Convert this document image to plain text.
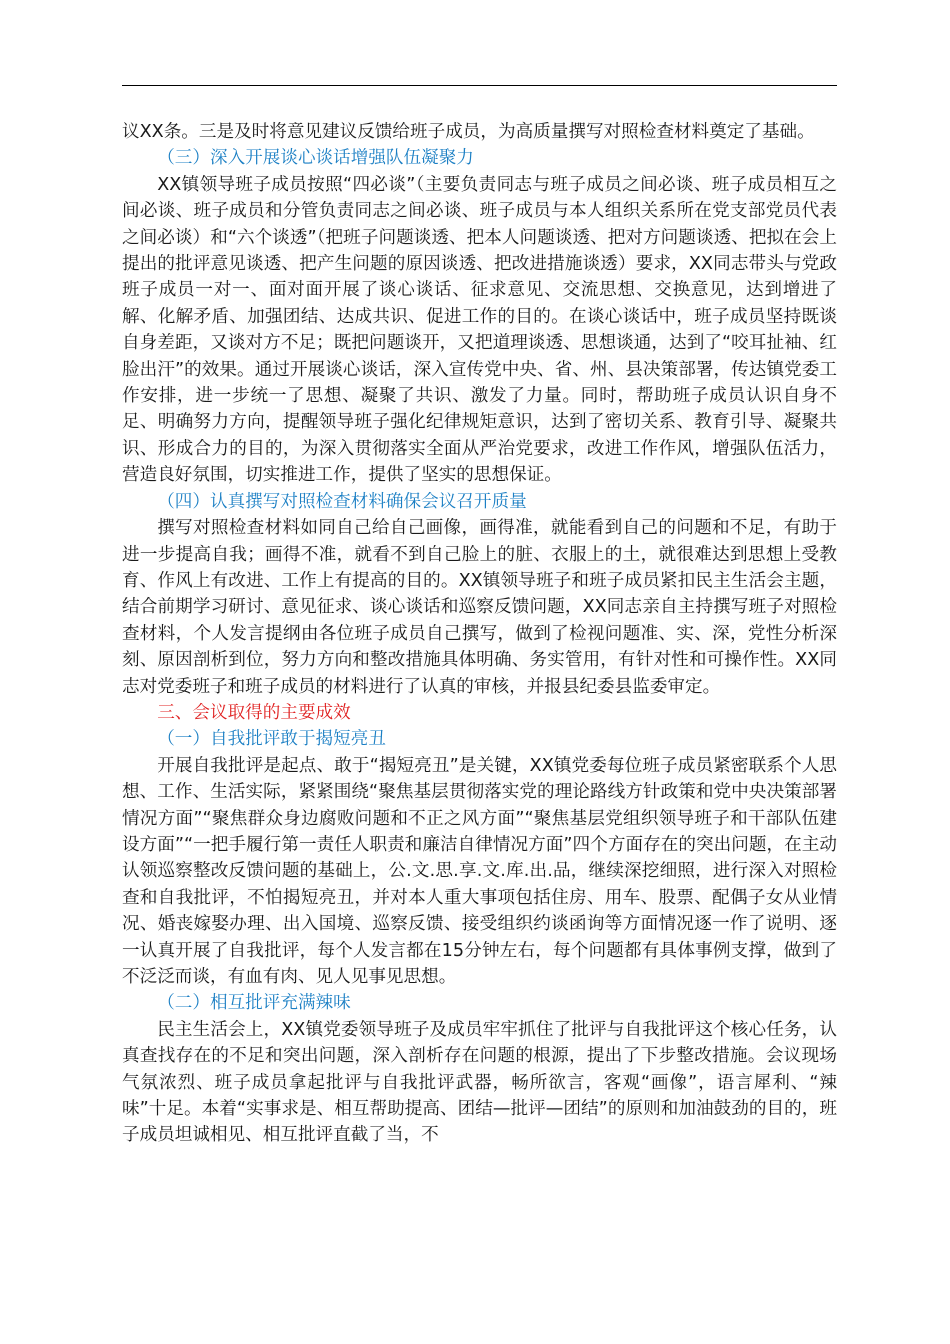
议XX条。三是及时将意见建议反馈给班子成员，为高质量撰写对照检查材料奠定了基础。

（三）深入开展谈心谈话增强队伍凝聚力

XX镇领导班子成员按照“四必谈”（主要负责同志与班子成员之间必谈、班子成员相互之间必谈、班子成员和分管负责同志之间必谈、班子成员与本人组织关系所在党支部党员代表之间必谈）和“六个谈透”（把班子问题谈透、把本人问题谈透、把对方问题谈透、把拟在会上提出的批评意见谈透、把产生问题的原因谈透、把改进措施谈透）要求，XX同志带头与党政班子成员一对一、面对面开展了谈心谈话、征求意见、交流思想、交换意见，达到增进了解、化解矛盾、加强团结、达成共识、促进工作的目的。在谈心谈话中，班子成员坚持既谈自身差距，又谈对方不足；既把问题谈开，又把道理谈透、思想谈通，达到了“咬耳扯袖、红脸出汗”的效果。通过开展谈心谈话，深入宣传党中央、省、州、县决策部署，传达镇党委工作安排，进一步统一了思想、凝聚了共识、激发了力量。同时，帮助班子成员认识自身不足、明确努力方向，提醒领导班子强化纪律规矩意识，达到了密切关系、教育引导、凝聚共识、形成合力的目的，为深入贯彻落实全面从严治党要求，改进工作作风，增强队伍活力，营造良好氛围，切实推进工作，提供了坚实的思想保证。

（四）认真撰写对照检查材料确保会议召开质量

撰写对照检查材料如同自己给自己画像，画得准，就能看到自己的问题和不足，有助于进一步提高自我；画得不准，就看不到自己脸上的脏、衣服上的土，就很难达到思想上受教育、作风上有改进、工作上有提高的目的。XX镇领导班子和班子成员紧扣民主生活会主题，结合前期学习研讨、意见征求、谈心谈话和巡察反馈问题，XX同志亲自主持撰写班子对照检查材料，个人发言提纲由各位班子成员自己撰写，做到了检视问题准、实、深，党性分析深刻、原因剖析到位，努力方向和整改措施具体明确、务实管用，有针对性和可操作性。XX同志对党委班子和班子成员的材料进行了认真的审核，并报县纪委县监委审定。

三、会议取得的主要成效
（一）自我批评敢于揭短亮丑

开展自我批评是起点、敢于“揭短亮丑”是关键，XX镇党委每位班子成员紧密联系个人思想、工作、生活实际，紧紧围绕“聚焦基层贯彻落实党的理论路线方针政策和党中央决策部署情况方面”“聚焦群众身边腐败问题和不正之风方面”“聚焦基层党组织领导班子和干部队伍建设方面”“一把手履行第一责任人职责和廉洁自律情况方面”四个方面存在的突出问题，在主动认领巡察整改反馈问题的基础上，公.文.思.享.文.库.出.品，继续深挖细照，进行深入对照检查和自我批评，不怕揭短亮丑，并对本人重大事项包括住房、用车、股票、配偶子女从业情况、婚丧嫁娶办理、出入国境、巡察反馈、接受组织约谈函询等方面情况逐一作了说明、逐一认真开展了自我批评，每个人发言都在15分钟左右，每个问题都有具体事例支撑，做到了不泛泛而谈，有血有肉、见人见事见思想。

（二）相互批评充满辣味

民主生活会上，XX镇党委领导班子及成员牢牢抓住了批评与自我批评这个核心任务，认真查找存在的不足和突出问题，深入剖析存在问题的根源，提出了下步整改措施。会议现场气氛浓烈、班子成员拿起批评与自我批评武器，畅所欲言，客观“画像”，语言犀利、“辣味”十足。本着“实事求是、相互帮助提高、团结—批评—团结”的原则和加油鼓劲的目的，班子成员坦诚相见、相互批评直截了当，不
